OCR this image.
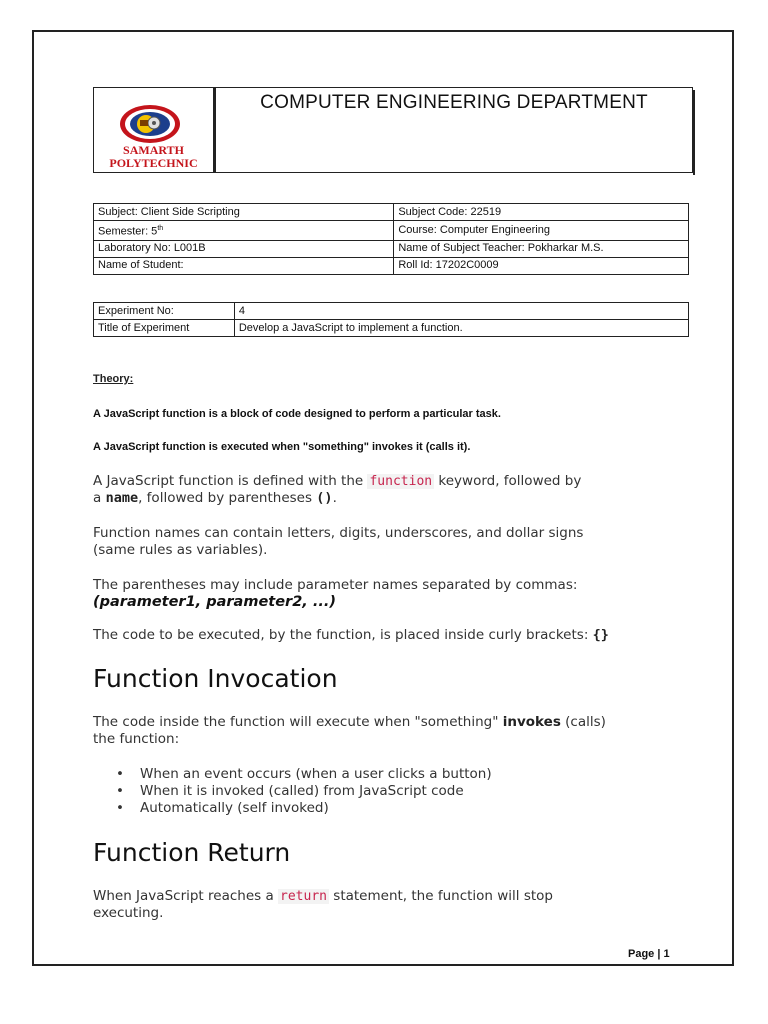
SAMARTH
POLYTECHNIC
COMPUTER ENGINEERING DEPARTMENT
Subject: Client Side Scripting	Subject Code: 22519
Semester: 5th	Course: Computer Engineering
Laboratory No: L001B	Name of Subject Teacher: Pokharkar M.S.
Name of Student:	Roll Id: 17202C0009
Experiment No:	4
Title of Experiment	Develop a JavaScript to implement a function.
Theory:
A JavaScript function is a block of code designed to perform a particular task.
A JavaScript function is executed when "something" invokes it (calls it).
A JavaScript function is defined with the function keyword, followed by
a name, followed by parentheses ().
Function names can contain letters, digits, underscores, and dollar signs
(same rules as variables).
The parentheses may include parameter names separated by commas:
(parameter1, parameter2, ...)
The code to be executed, by the function, is placed inside curly brackets: {}
Function Invocation
The code inside the function will execute when "something" invokes (calls)
the function:
• When an event occurs (when a user clicks a button)
• When it is invoked (called) from JavaScript code
• Automatically (self invoked)
Function Return
When JavaScript reaches a return statement, the function will stop
executing.
Page | 1
